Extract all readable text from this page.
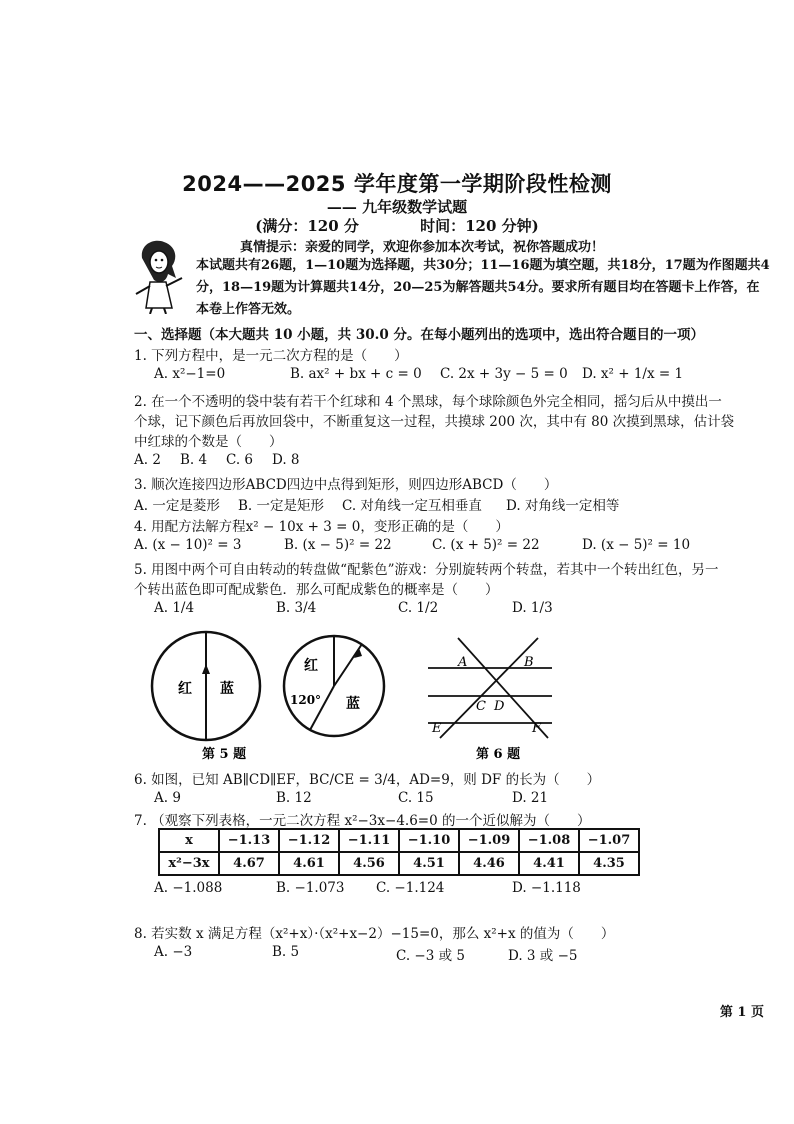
2024——2025 学年度第一学期阶段性检测
—— 九年级数学试题
(满分：120 分	时间：120 分钟)
真情提示：亲爱的同学，欢迎你参加本次考试，祝你答题成功！
本试题共有26题，1—10题为选择题，共30分；11—16题为填空题，共18分，17题为作图题共4分，18—19题为计算题共14分，20—25为解答题共54分。要求所有题目均在答题卡上作答，在本卷上作答无效。
一、选择题（本大题共 10 小题，共 30.0 分。在每小题列出的选项中，选出符合题目的一项）
1. 下列方程中，是一元二次方程的是（　　）
A. x²−1=0	B. ax² + bx + c = 0	C. 2x + 3y − 5 = 0	D. x² + 1/x = 1
2. 在一个不透明的袋中装有若干个红球和 4 个黑球，每个球除颜色外完全相同，摇匀后从中摸出一
个球，记下颜色后再放回袋中，不断重复这一过程，共摸球 200 次，其中有 80 次摸到黑球，估计袋
中红球的个数是（　　）
A. 2	B. 4	C. 6	D. 8
3. 顺次连接四边形ABCD四边中点得到矩形，则四边形ABCD（　　）
A. 一定是菱形	B. 一定是矩形	C. 对角线一定互相垂直	D. 对角线一定相等
4. 用配方法解方程x² − 10x + 3 = 0，变形正确的是（　　）
A. (x − 10)² = 3	B. (x − 5)² = 22	C. (x + 5)² = 22	D. (x − 5)² = 10
5. 用图中两个可自由转动的转盘做“配紫色”游戏：分别旋转两个转盘，若其中一个转出红色，另一
个转出蓝色即可配成紫色．那么可配成紫色的概率是（　　）
A. 1/4	B. 3/4	C. 1/2	D. 1/3
红 蓝
红
120° 蓝
第 5 题
A	B
C D
E	F
第 6 题
6. 如图，已知 AB∥CD∥EF，BC/CE = 3/4，AD=9，则 DF 的长为（　　）
A. 9	B. 12	C. 15	D. 21
7. （观察下列表格，一元二次方程 x²−3x−4.6=0 的一个近似解为（　　）
x	−1.13	−1.12	−1.11	−1.10	−1.09	−1.08	−1.07
x²−3x	4.67	4.61	4.56	4.51	4.46	4.41	4.35
A. −1.088	B. −1.073	C. −1.124	D. −1.118
8. 若实数 x 满足方程（x²+x）·（x²+x−2）−15=0，那么 x²+x 的值为（　　）
A. −3	B. 5	C. −3 或 5	D. 3 或 −5
第 1 页
